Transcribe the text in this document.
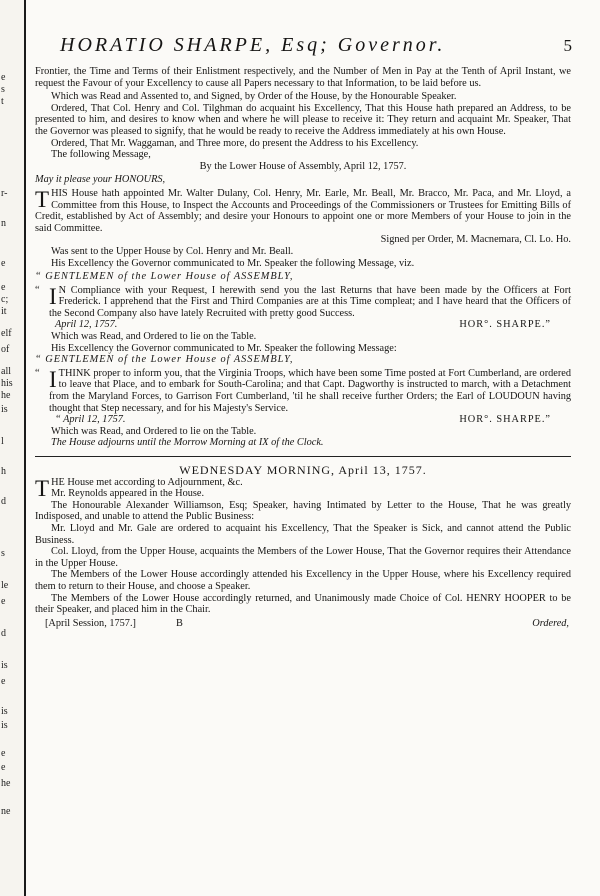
e
s
t
r-
n
e
e
c;
it
elf
of
all
his
he
is
l
h
d
s
le
e
d
is
e
is
is
e
e
he
ne
HORATIO SHARPE, Esq; Governor.	5

Frontier, the Time and Terms of their Enlistment respectively, and the Number of Men in Pay at the Tenth of April Instant, we request the Favour of your Excellency to cause all Papers necessary to that Information, to be laid before us.

Which was Read and Assented to, and Signed, by Order of the House, by the Honourable Speaker.

Ordered, That Col. Henry and Col. Tilghman do acquaint his Excellency, That this House hath prepared an Address, to be presented to him, and desires to know when and where he will please to receive it: They return and acquaint Mr. Speaker, That the Governor was pleased to signify, that he would be ready to receive the Address immediately at his own House.

Ordered, That Mr. Waggaman, and Three more, do present the Address to his Excellency.

The following Message,

By the Lower House of Assembly, April 12, 1757.

May it please your HONOURS,

THIS House hath appointed Mr. Walter Dulany, Col. Henry, Mr. Earle, Mr. Beall, Mr. Bracco, Mr. Paca, and Mr. Lloyd, a Committee from this House, to Inspect the Accounts and Proceedings of the Commissioners or Trustees for Emitting Bills of Credit, established by Act of Assembly; and desire your Honours to appoint one or more Members of your House to join in the said Committee.

Signed per Order, M. Macnemara, Cl. Lo. Ho.

Was sent to the Upper House by Col. Henry and Mr. Beall.

His Excellency the Governor communicated to Mr. Speaker the following Message, viz.

“ GENTLEMEN of the Lower House of ASSEMBLY,

“ I N Compliance with your Request, I herewith send you the last Returns that have been made by the Officers at Fort Frederick. I apprehend that the First and Third Companies are at this Time compleat; and I have heard that the Officers of the Second Company also have lately Recruited with pretty good Success.

April 12, 1757.	HOR°. SHARPE.”

Which was Read, and Ordered to lie on the Table.

His Excellency the Governor communicated to Mr. Speaker the following Message:

“ GENTLEMEN of the Lower House of ASSEMBLY,

“ ITHINK proper to inform you, that the Virginia Troops, which have been some Time posted at Fort Cumberland, are ordered to leave that Place, and to embark for South-Carolina; and that Capt. Dagworthy is instructed to march, with a Detachment from the Maryland Forces, to Garrison Fort Cumberland, 'til he shall receive further Orders; the Earl of LOUDOUN having thought that Step necessary, and for his Majesty's Service.

“ April 12, 1757.	HOR°. SHARPE.”

Which was Read, and Ordered to lie on the Table.

The House adjourns until the Morrow Morning at IX of the Clock.

WEDNESDAY MORNING, April 13, 1757.

THE House met according to Adjournment, &c.
Mr. Reynolds appeared in the House.

The Honourable Alexander Williamson, Esq; Speaker, having Intimated by Letter to the House, That he was greatly Indisposed, and unable to attend the Public Business:

Mr. Lloyd and Mr. Gale are ordered to acquaint his Excellency, That the Speaker is Sick, and cannot attend the Public Business.

Col. Lloyd, from the Upper House, acquaints the Members of the Lower House, That the Governor requires their Attendance in the Upper House.

The Members of the Lower House accordingly attended his Excellency in the Upper House, where his Excellency required them to return to their House, and choose a Speaker.

The Members of the Lower House accordingly returned, and Unanimously made Choice of Col. HENRY HOOPER to be their Speaker, and placed him in the Chair.

[April Session, 1757.]	B	Ordered,
